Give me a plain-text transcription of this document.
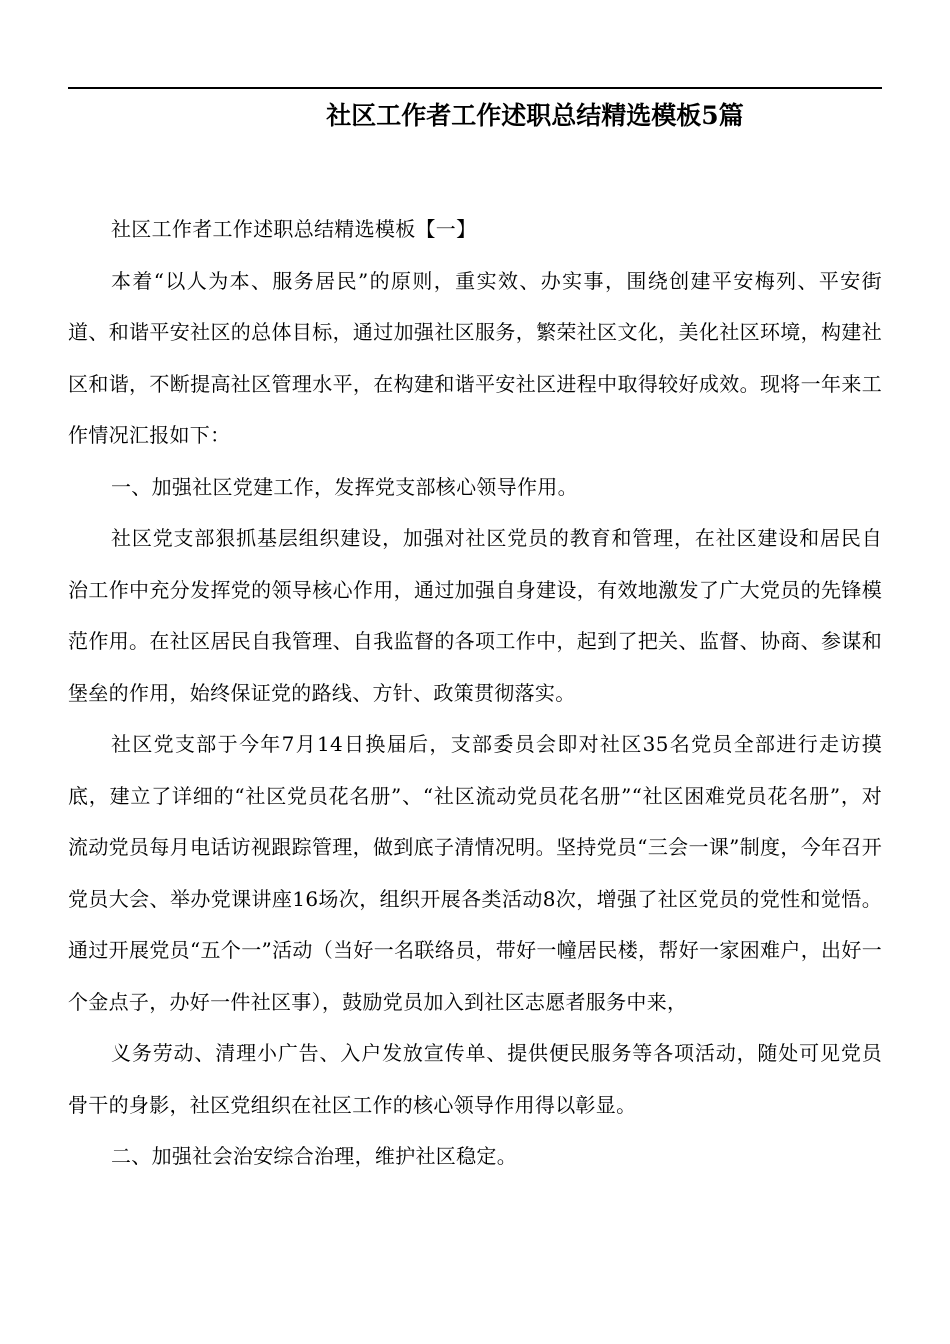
社区工作者工作述职总结精选模板5篇

社区工作者工作述职总结精选模板【一】

本着“以人为本、服务居民”的原则，重实效、办实事，围绕创建平安梅列、平安街道、和谐平安社区的总体目标，通过加强社区服务，繁荣社区文化，美化社区环境，构建社区和谐，不断提高社区管理水平，在构建和谐平安社区进程中取得较好成效。现将一年来工作情况汇报如下：

一、加强社区党建工作，发挥党支部核心领导作用。

社区党支部狠抓基层组织建设，加强对社区党员的教育和管理，在社区建设和居民自治工作中充分发挥党的领导核心作用，通过加强自身建设，有效地激发了广大党员的先锋模范作用。在社区居民自我管理、自我监督的各项工作中，起到了把关、监督、协商、参谋和堡垒的作用，始终保证党的路线、方针、政策贯彻落实。

社区党支部于今年7月14日换届后，支部委员会即对社区35名党员全部进行走访摸底，建立了详细的“社区党员花名册”、“社区流动党员花名册”“社区困难党员花名册”，对流动党员每月电话访视跟踪管理，做到底子清情况明。坚持党员“三会一课”制度，今年召开党员大会、举办党课讲座16场次，组织开展各类活动8次，增强了社区党员的党性和觉悟。通过开展党员“五个一”活动（当好一名联络员，带好一幢居民楼，帮好一家困难户，出好一个金点子，办好一件社区事），鼓励党员加入到社区志愿者服务中来，

义务劳动、清理小广告、入户发放宣传单、提供便民服务等各项活动，随处可见党员骨干的身影，社区党组织在社区工作的核心领导作用得以彰显。

二、加强社会治安综合治理，维护社区稳定。
